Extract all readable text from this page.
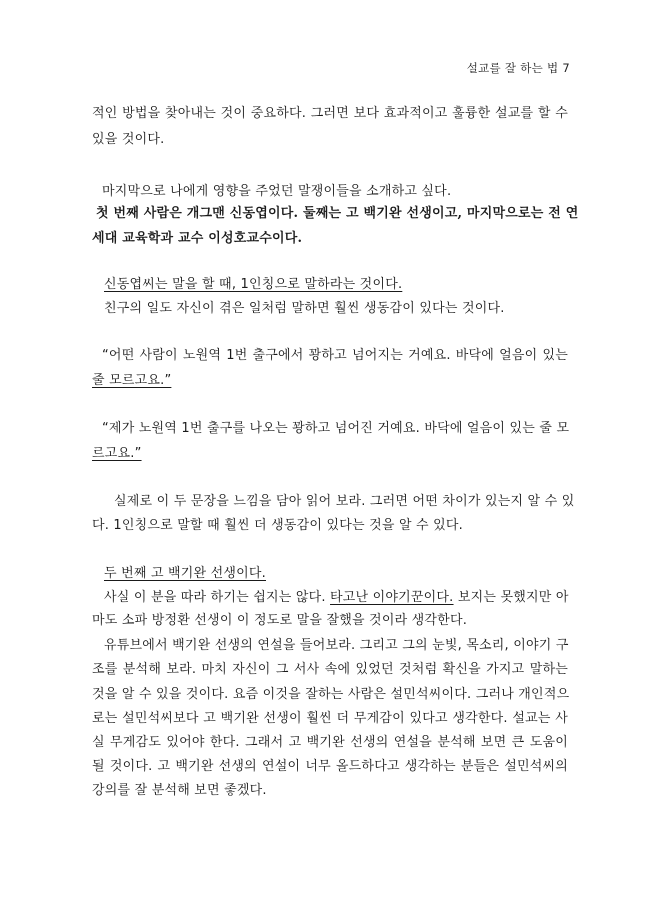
설교를 잘 하는 법 7
적인 방법을 찾아내는 것이 중요하다. 그러면 보다 효과적이고 훌륭한 설교를 할 수
있을 것이다.
마지막으로 나에게 영향을 주었던 말쟁이들을 소개하고 싶다.
첫 번째 사람은 개그맨 신동엽이다. 둘째는 고 백기완 선생이고, 마지막으로는 전 연
세대 교육학과 교수 이성호교수이다.
신동엽씨는 말을 할 때, 1인칭으로 말하라는 것이다.
친구의 일도 자신이 겪은 일처럼 말하면 훨씬 생동감이 있다는 것이다.
“어떤 사람이 노원역 1번 출구에서 꽝하고 넘어지는 거예요. 바닥에 얼음이 있는
줄 모르고요.”
“제가 노원역 1번 출구를 나오는 꽝하고 넘어진 거예요. 바닥에 얼음이 있는 줄 모
르고요.”
실제로 이 두 문장을 느낌을 담아 읽어 보라. 그러면 어떤 차이가 있는지 알 수 있
다. 1인칭으로 말할 때 훨씬 더 생동감이 있다는 것을 알 수 있다.
두 번째 고 백기완 선생이다.
사실 이 분을 따라 하기는 쉽지는 않다. 타고난 이야기꾼이다. 보지는 못했지만 아
마도 소파 방정환 선생이 이 정도로 말을 잘했을 것이라 생각한다.
유튜브에서 백기완 선생의 연설을 들어보라. 그리고 그의 눈빛, 목소리, 이야기 구
조를 분석해 보라. 마치 자신이 그 서사 속에 있었던 것처럼 확신을 가지고 말하는
것을 알 수 있을 것이다. 요즘 이것을 잘하는 사람은 설민석씨이다. 그러나 개인적으
로는 설민석씨보다 고 백기완 선생이 훨씬 더 무게감이 있다고 생각한다. 설교는 사
실 무게감도 있어야 한다. 그래서 고 백기완 선생의 연설을 분석해 보면 큰 도움이
될 것이다. 고 백기완 선생의 연설이 너무 올드하다고 생각하는 분들은 설민석씨의
강의를 잘 분석해 보면 좋겠다.
